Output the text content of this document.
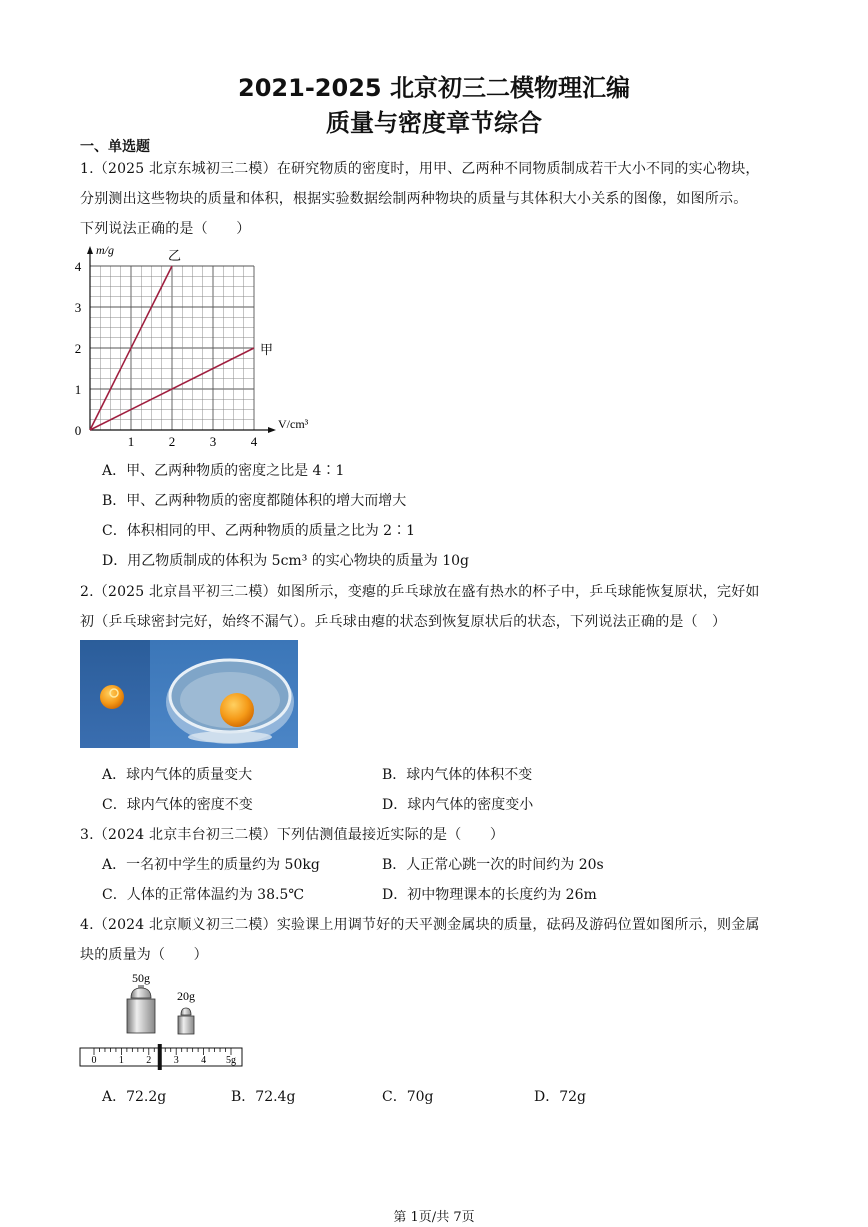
2021-2025 北京初三二模物理汇编
质量与密度章节综合
一、单选题
1.（2025 北京东城初三二模）在研究物质的密度时，用甲、乙两种不同物质制成若干大小不同的实心物块，
分别测出这些物块的质量和体积，根据实验数据绘制两种物块的质量与其体积大小关系的图像，如图所示。
下列说法正确的是（　　）
0
1
2
3
4
1	2	3	4
m/g
V/cm³
乙
甲
A．甲、乙两种物质的密度之比是 4∶1
B．甲、乙两种物质的密度都随体积的增大而增大
C．体积相同的甲、乙两种物质的质量之比为 2∶1
D．用乙物质制成的体积为 5cm³ 的实心物块的质量为 10g
2.（2025 北京昌平初三二模）如图所示，变瘪的乒乓球放在盛有热水的杯子中，乒乓球能恢复原状，完好如
初（乒乓球密封完好，始终不漏气）。乒乓球由瘪的状态到恢复原状后的状态，下列说法正确的是（　）
A．球内气体的质量变大	B．球内气体的体积不变
C．球内气体的密度不变	D．球内气体的密度变小
3.（2024 北京丰台初三二模）下列估测值最接近实际的是（　　）
A．一名初中学生的质量约为 50kg	B．人正常心跳一次的时间约为 20s
C．人体的正常体温约为 38.5℃	D．初中物理课本的长度约为 26m
4.（2024 北京顺义初三二模）实验课上用调节好的天平测金属块的质量，砝码及游码位置如图所示，则金属
块的质量为（　　）
50g
20g
0 1 2 3 4 5g
A．72.2g	B．72.4g	C．70g	D．72g
第 1页/共 7页
